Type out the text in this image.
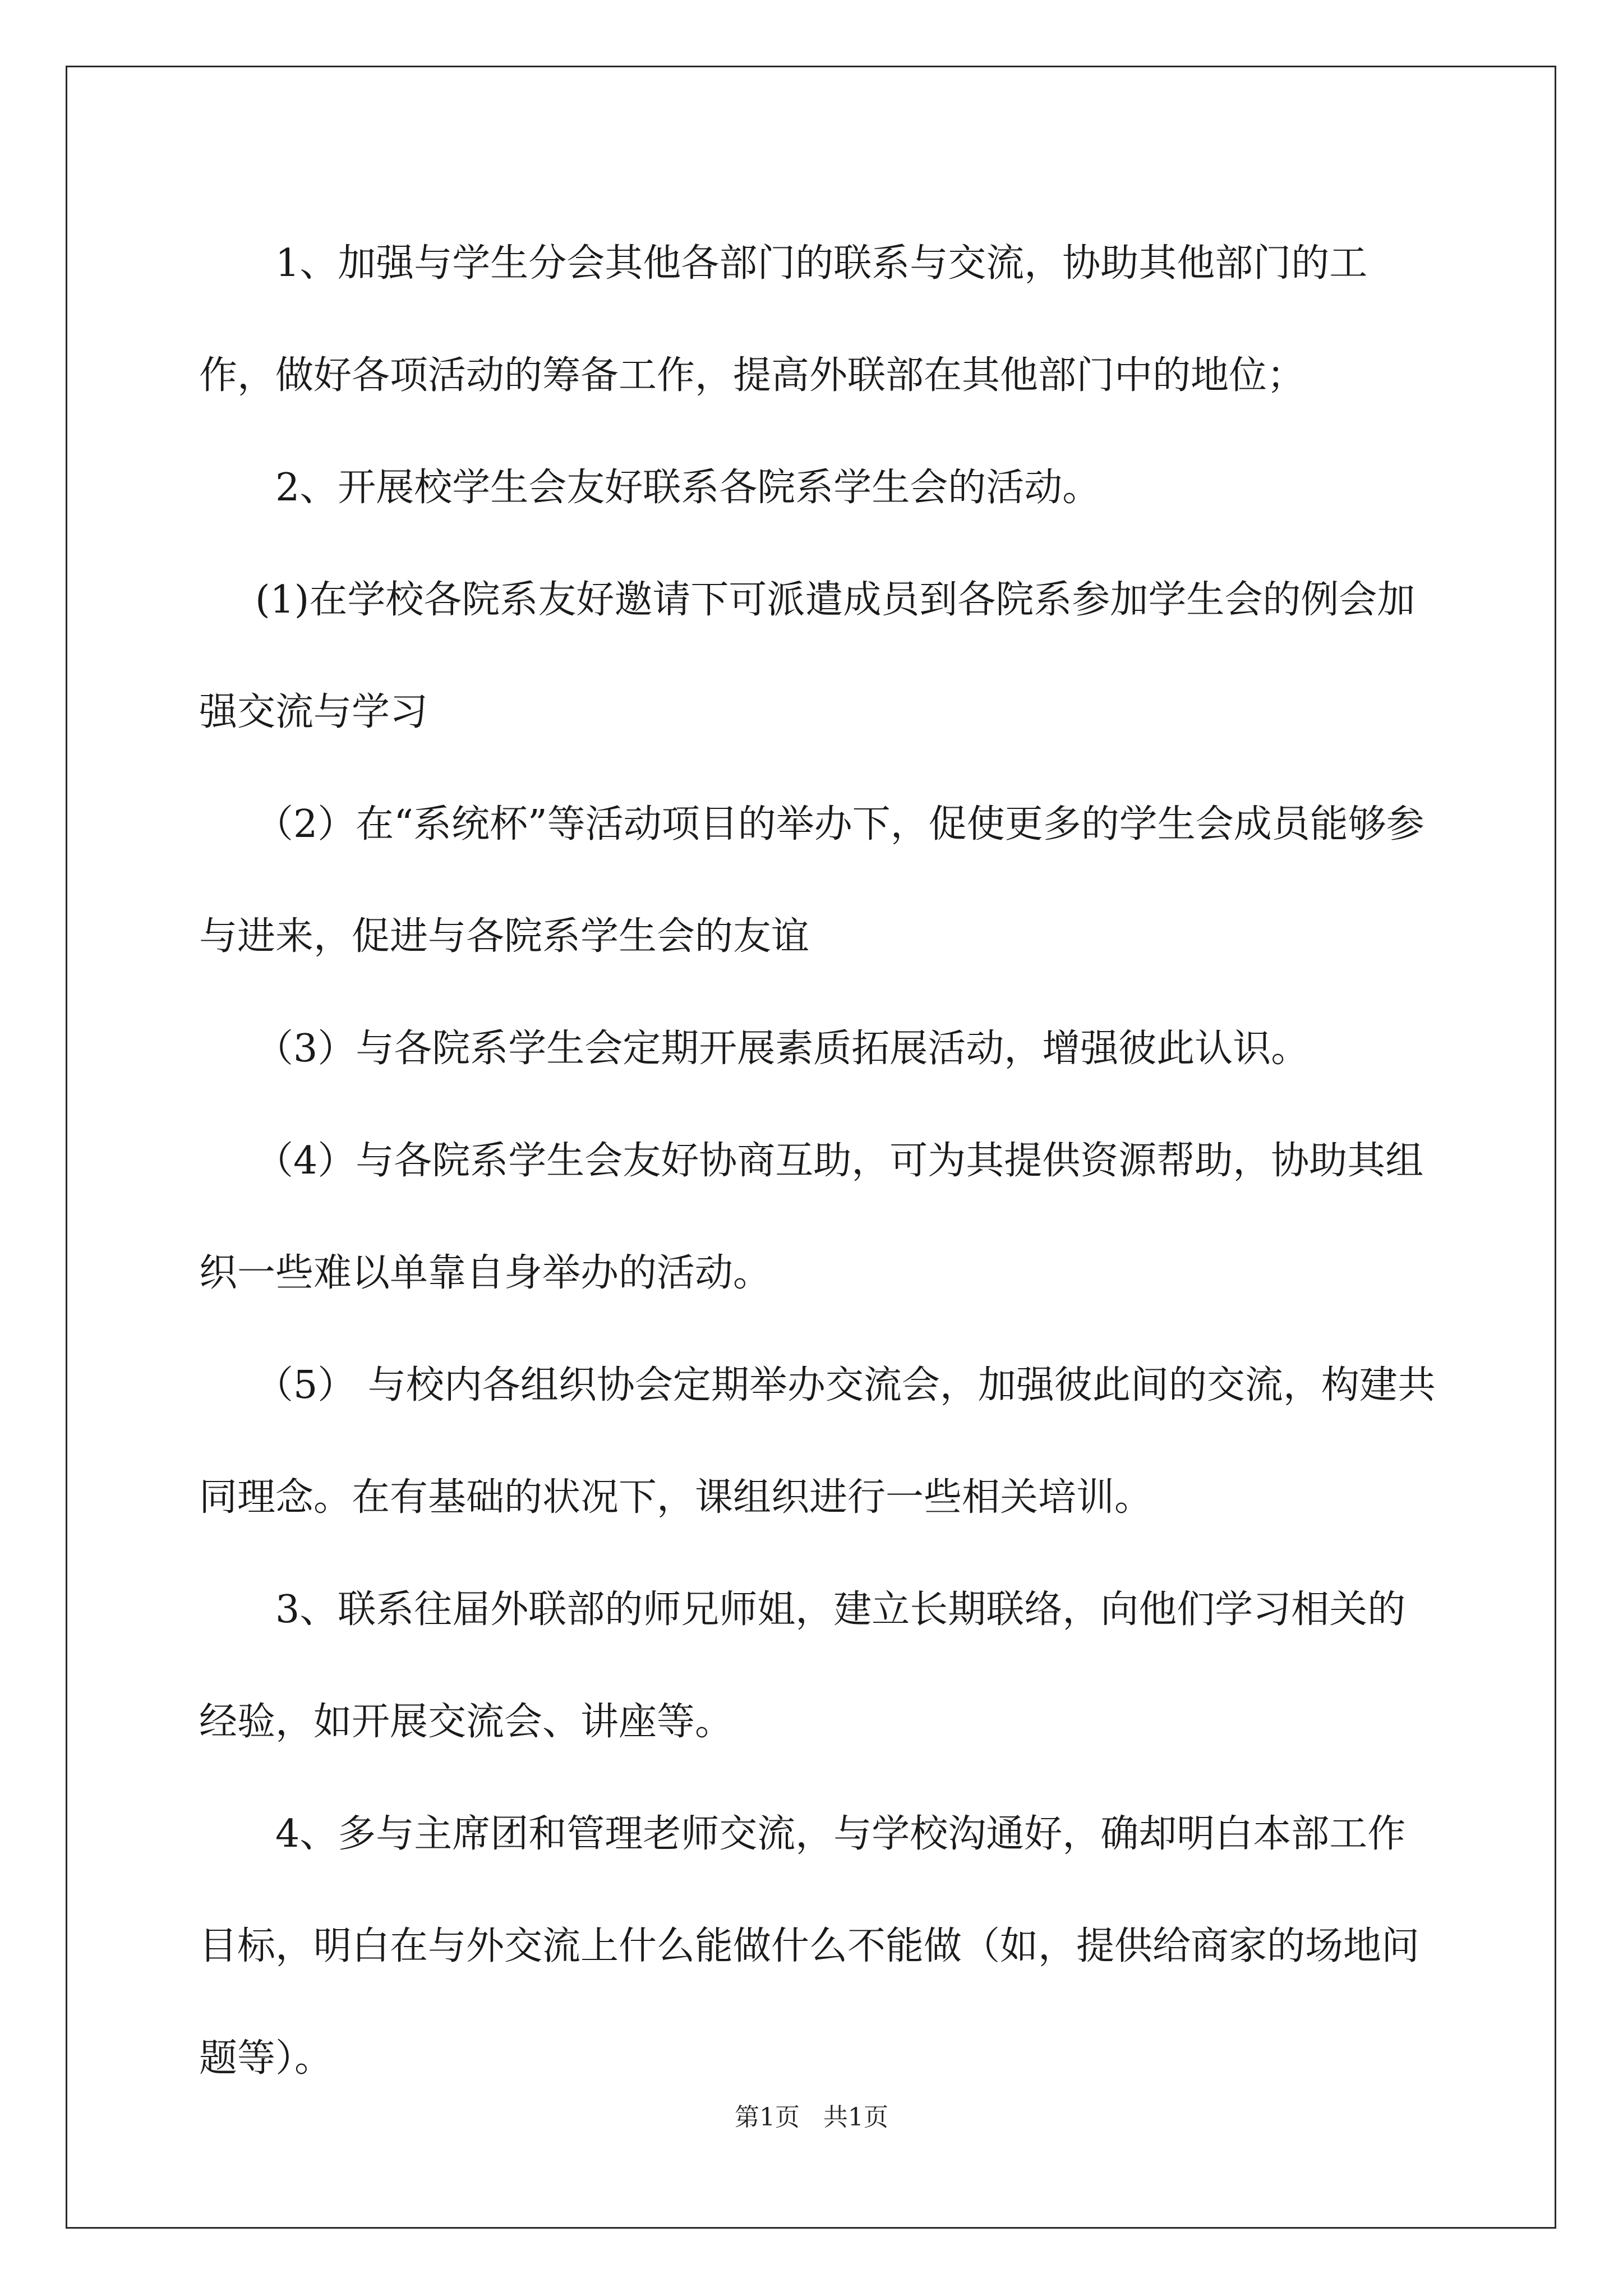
1、加强与学生分会其他各部门的联系与交流，协助其他部门的工作，做好各项活动的筹备工作，提高外联部在其他部门中的地位；

2、开展校学生会友好联系各院系学生会的活动。

(1)在学校各院系友好邀请下可派遣成员到各院系参加学生会的例会加强交流与学习

（2）在“系统杯”等活动项目的举办下，促使更多的学生会成员能够参与进来，促进与各院系学生会的友谊

（3）与各院系学生会定期开展素质拓展活动，增强彼此认识。

（4）与各院系学生会友好协商互助，可为其提供资源帮助，协助其组织一些难以单靠自身举办的活动。

（5） 与校内各组织协会定期举办交流会，加强彼此间的交流，构建共同理念。在有基础的状况下，课组织进行一些相关培训。

3、联系往届外联部的师兄师姐，建立长期联络，向他们学习相关的经验，如开展交流会、讲座等。

4、多与主席团和管理老师交流，与学校沟通好，确却明白本部工作目标，明白在与外交流上什么能做什么不能做（如，提供给商家的场地问题等）。

第1页   共1页
